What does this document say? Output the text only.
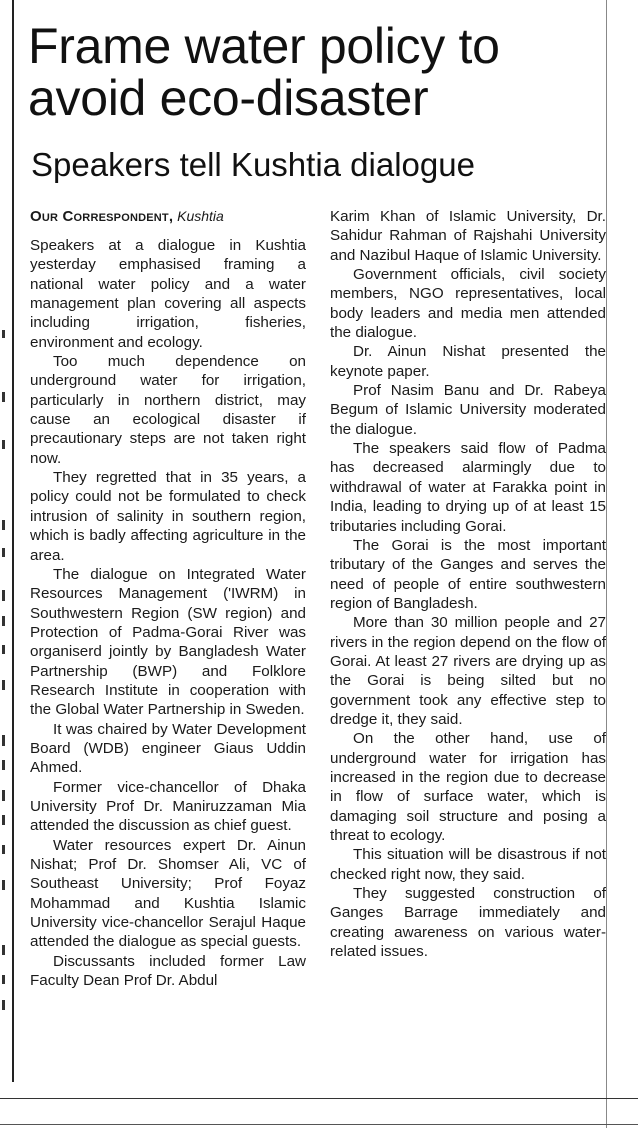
Frame water policy to avoid eco-disaster
Speakers tell Kushtia dialogue
Our Correspondent, Kushtia

Speakers at a dialogue in Kushtia yesterday emphasised framing a national water policy and a water management plan covering all aspects including irrigation, fisheries, environment and ecology.

Too much dependence on underground water for irrigation, particularly in northern district, may cause an ecological disaster if precautionary steps are not taken right now.

They regretted that in 35 years, a policy could not be formulated to check intrusion of salinity in southern region, which is badly affecting agriculture in the area.

The dialogue on Integrated Water Resources Management ('IWRM) in Southwestern Region (SW region) and Protection of Padma-Gorai River was organiserd jointly by Bangladesh Water Partnership (BWP) and Folklore Research Institute in cooperation with the Global Water Partnership in Sweden.

It was chaired by Water Development Board (WDB) engineer Giaus Uddin Ahmed.

Former vice-chancellor of Dhaka University Prof Dr. Maniruzzaman Mia attended the discussion as chief guest.

Water resources expert Dr. Ainun Nishat; Prof Dr. Shomser Ali, VC of Southeast University; Prof Foyaz Mohammad and Kushtia Islamic University vice-chancellor Serajul Haque attended the dialogue as special guests.

Discussants included former Law Faculty Dean Prof Dr. Abdul

Karim Khan of Islamic University, Dr. Sahidur Rahman of Rajshahi University and Nazibul Haque of Islamic University.

Government officials, civil society members, NGO representatives, local body leaders and media men attended the dialogue.

Dr. Ainun Nishat presented the keynote paper.

Prof Nasim Banu and Dr. Rabeya Begum of Islamic University moderated the dialogue.

The speakers said flow of Padma has decreased alarmingly due to withdrawal of water at Farakka point in India, leading to drying up of at least 15 tributaries including Gorai.

The Gorai is the most important tributary of the Ganges and serves the need of people of entire southwestern region of Bangladesh.

More than 30 million people and 27 rivers in the region depend on the flow of Gorai. At least 27 rivers are drying up as the Gorai is being silted but no government took any effective step to dredge it, they said.

On the other hand, use of underground water for irrigation has increased in the region due to decrease in flow of surface water, which is damaging soil structure and posing a threat to ecology.

This situation will be disastrous if not checked right now, they said.

They suggested construction of Ganges Barrage immediately and creating awareness on various water-related issues.
